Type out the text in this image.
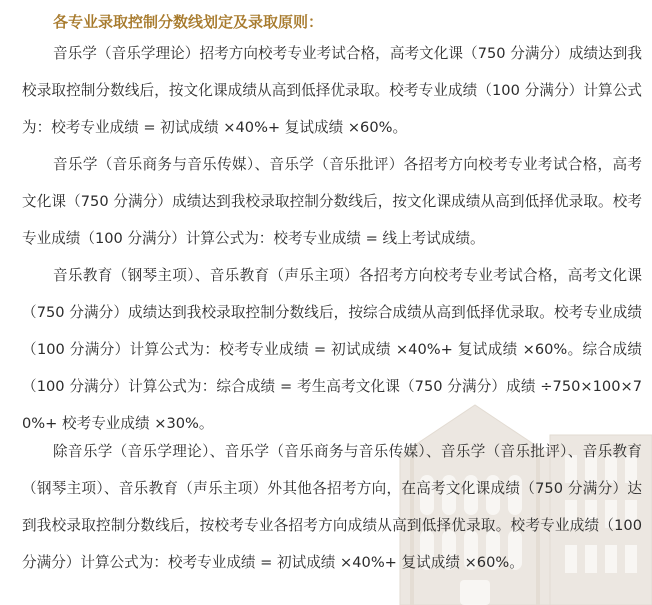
各专业录取控制分数线划定及录取原则：

音乐学（音乐学理论）招考方向校考专业考试合格，高考文化课（750 分满分）成绩达到我校录取控制分数线后，按文化课成绩从高到低择优录取。校考专业成绩（100 分满分）计算公式为：校考专业成绩 = 初试成绩 ×40%+ 复试成绩 ×60%。

音乐学（音乐商务与音乐传媒）、音乐学（音乐批评）各招考方向校考专业考试合格，高考文化课（750 分满分）成绩达到我校录取控制分数线后，按文化课成绩从高到低择优录取。校考专业成绩（100 分满分）计算公式为：校考专业成绩 = 线上考试成绩。

音乐教育（钢琴主项）、音乐教育（声乐主项）各招考方向校考专业考试合格，高考文化课（750 分满分）成绩达到我校录取控制分数线后，按综合成绩从高到低择优录取。校考专业成绩（100 分满分）计算公式为：校考专业成绩 = 初试成绩 ×40%+ 复试成绩 ×60%。综合成绩（100 分满分）计算公式为：综合成绩 = 考生高考文化课（750 分满分）成绩 ÷750×100×70%+ 校考专业成绩 ×30%。

除音乐学（音乐学理论）、音乐学（音乐商务与音乐传媒）、音乐学（音乐批评）、音乐教育（钢琴主项）、音乐教育（声乐主项）外其他各招考方向，在高考文化课成绩（750 分满分）达到我校录取控制分数线后，按校考专业各招考方向成绩从高到低择优录取。校考专业成绩（100 分满分）计算公式为：校考专业成绩 = 初试成绩 ×40%+ 复试成绩 ×60%。
